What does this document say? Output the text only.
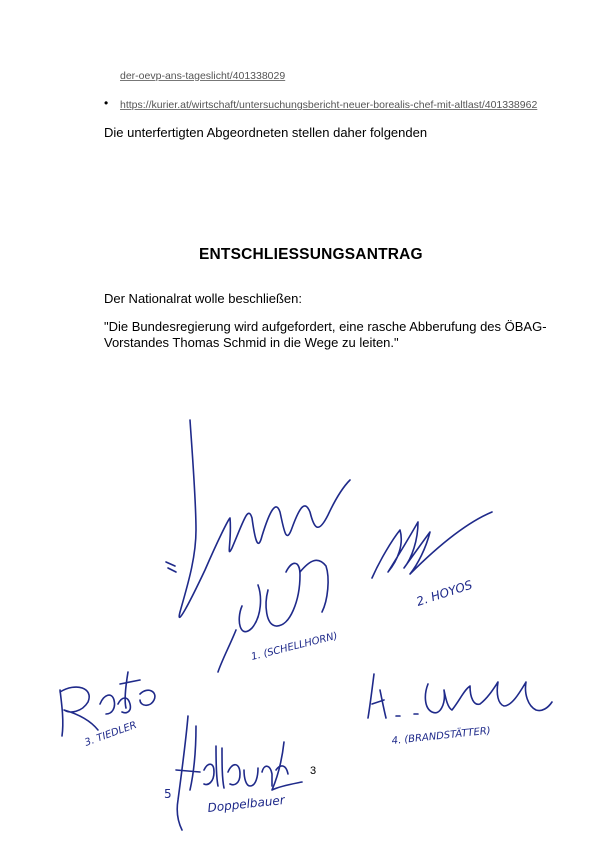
der-oevp-ans-tageslicht/401338029
• https://kurier.at/wirtschaft/untersuchungsbericht-neuer-borealis-chef-mit-altlast/401338962
Die unterfertigten Abgeordneten stellen daher folgenden
ENTSCHLIESSUNGSANTRAG
Der Nationalrat wolle beschließen:
"Die Bundesregierung wird aufgefordert, eine rasche Abberufung des ÖBAG-
Vorstandes Thomas Schmid in die Wege zu leiten."
1. (SCHELLHORN)
2. HOYOS
3. TIEDLER	4. (BRANDSTÄTTER)
Doppelbauer
5
3
